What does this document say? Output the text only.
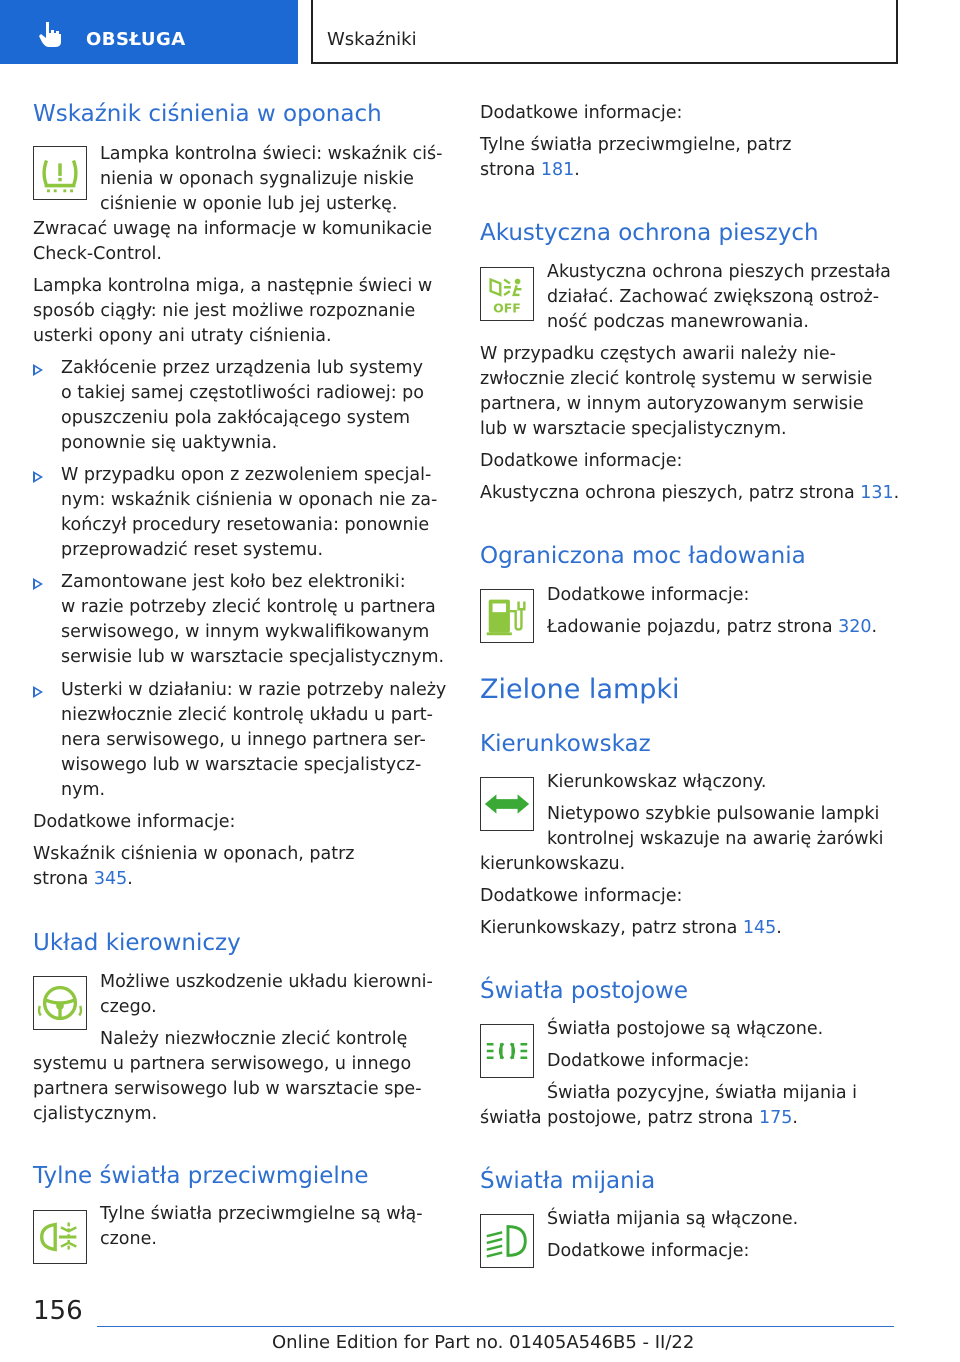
OBSŁUGA	Wskaźniki
Wskaźnik ciśnienia w oponach

Lampka kontrolna świeci: wskaźnik ciś-

nienia w oponach sygnalizuje niskie

ciśnienie w oponie lub jej usterkę.

Zwracać uwagę na informacje w komunikacie

Check-Control.

Lampka kontrolna miga, a następnie świeci w

sposób ciągły: nie jest możliwe rozpoznanie

usterki opony ani utraty ciśnienia.

Zakłócenie przez urządzenia lub systemy

o takiej samej częstotliwości radiowej: po

opuszczeniu pola zakłócającego system

ponownie się uaktywnia.

W przypadku opon z zezwoleniem specjal-

nym: wskaźnik ciśnienia w oponach nie za-

kończył procedury resetowania: ponownie

przeprowadzić reset systemu.

Zamontowane jest koło bez elektroniki:

w razie potrzeby zlecić kontrolę u partnera

serwisowego, w innym wykwalifikowanym

serwisie lub w warsztacie specjalistycznym.

Usterki w działaniu: w razie potrzeby należy

niezwłocznie zlecić kontrolę układu u part-

nera serwisowego, u innego partnera ser-

wisowego lub w warsztacie specjalistycz-

nym.

Dodatkowe informacje:

Wskaźnik ciśnienia w oponach, patrz

strona 345.

Układ kierowniczy

Możliwe uszkodzenie układu kierowni-

czego.

Należy niezwłocznie zlecić kontrolę

systemu u partnera serwisowego, u innego

partnera serwisowego lub w warsztacie spe-

cjalistycznym.

Tylne światła przeciwmgielne

Tylne światła przeciwmgielne są włą-

czone.

Dodatkowe informacje:

Tylne światła przeciwmgielne, patrz

strona 181.

Akustyczna ochrona pieszych
OFF

Akustyczna ochrona pieszych przestała

działać. Zachować zwiększoną ostroż-

ność podczas manewrowania.

W przypadku częstych awarii należy nie-

zwłocznie zlecić kontrolę systemu w serwisie

partnera, w innym autoryzowanym serwisie

lub w warsztacie specjalistycznym.

Dodatkowe informacje:

Akustyczna ochrona pieszych, patrz strona 131.

Ograniczona moc ładowania

Dodatkowe informacje:

Ładowanie pojazdu, patrz strona 320.

Zielone lampki
Kierunkowskaz

Kierunkowskaz włączony.

Nietypowo szybkie pulsowanie lampki

kontrolnej wskazuje na awarię żarówki

kierunkowskazu.

Dodatkowe informacje:

Kierunkowskazy, patrz strona 145.

Światła postojowe

Światła postojowe są włączone.

Dodatkowe informacje:

Światła pozycyjne, światła mijania i

światła postojowe, patrz strona 175.

Światła mijania

Światła mijania są włączone.

Dodatkowe informacje:

156
Online Edition for Part no. 01405A546B5 - II/22
